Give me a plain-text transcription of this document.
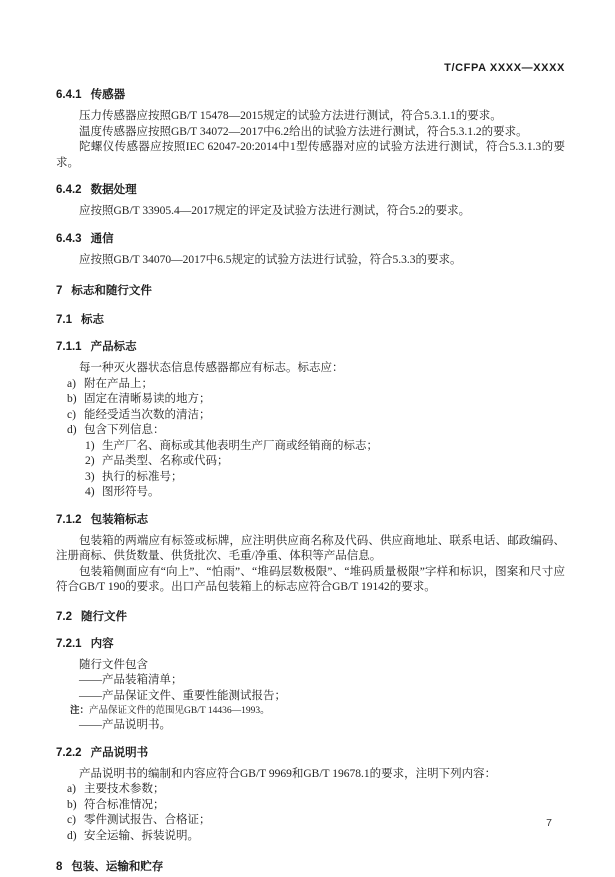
T/CFPA XXXX—XXXX
6.4.1 传感器

压力传感器应按照GB/T 15478—2015规定的试验方法进行测试，符合5.3.1.1的要求。

温度传感器应按照GB/T 34072—2017中6.2给出的试验方法进行测试，符合5.3.1.2的要求。

陀螺仪传感器应按照IEC 62047-20:2014中1型传感器对应的试验方法进行测试，符合5.3.1.3的要求。

6.4.2 数据处理

应按照GB/T 33905.4—2017规定的评定及试验方法进行测试，符合5.2的要求。

6.4.3 通信

应按照GB/T 34070—2017中6.5规定的试验方法进行试验，符合5.3.3的要求。

7 标志和随行文件
7.1 标志
7.1.1 产品标志

每一种灭火器状态信息传感器都应有标志。标志应：

a) 附在产品上；
b) 固定在清晰易读的地方；
c) 能经受适当次数的清洁；
d) 包含下列信息：
1) 生产厂名、商标或其他表明生产厂商或经销商的标志；
2) 产品类型、名称或代码；
3) 执行的标准号；
4) 图形符号。
7.1.2 包装箱标志

包装箱的两端应有标签或标牌，应注明供应商名称及代码、供应商地址、联系电话、邮政编码、注册商标、供货数量、供货批次、毛重/净重、体积等产品信息。

包装箱侧面应有“向上”、“怕雨”、“堆码层数极限”、“堆码质量极限”字样和标识，图案和尺寸应符合GB/T 190的要求。出口产品包装箱上的标志应符合GB/T 19142的要求。

7.2 随行文件
7.2.1 内容

随行文件包含

——产品装箱清单；

——产品保证文件、重要性能测试报告；

注：产品保证文件的范围见GB/T 14436—1993。

——产品说明书。

7.2.2 产品说明书

产品说明书的编制和内容应符合GB/T 9969和GB/T 19678.1的要求，注明下列内容：

a) 主要技术参数；
b) 符合标准情况；
c) 零件测试报告、合格证；
d) 安全运输、拆装说明。
8 包装、运输和贮存
7
